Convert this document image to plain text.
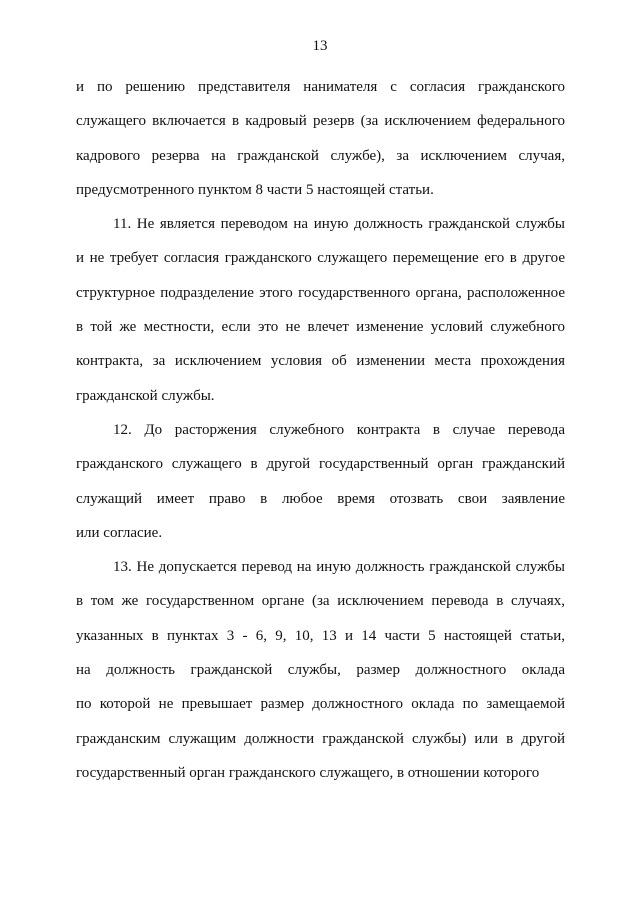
13
и по решению представителя нанимателя с согласия гражданского
служащего включается в кадровый резерв (за исключением федерального
кадрового резерва на гражданской службе), за исключением случая,
предусмотренного пунктом 8 части 5 настоящей статьи.
11. Не является переводом на иную должность гражданской службы
и не требует согласия гражданского служащего перемещение его в другое
структурное подразделение этого государственного органа, расположенное
в той же местности, если это не влечет изменение условий служебного
контракта, за исключением условия об изменении места прохождения
гражданской службы.
12. До расторжения служебного контракта в случае перевода
гражданского служащего в другой государственный орган гражданский
служащий имеет право в любое время отозвать свои заявление
или согласие.
13. Не допускается перевод на иную должность гражданской службы
в том же государственном органе (за исключением перевода в случаях,
указанных в пунктах 3 - 6, 9, 10, 13 и 14 части 5 настоящей статьи,
на должность гражданской службы, размер должностного оклада
по которой не превышает размер должностного оклада по замещаемой
гражданским служащим должности гражданской службы) или в другой
государственный орган гражданского служащего, в отношении которого
